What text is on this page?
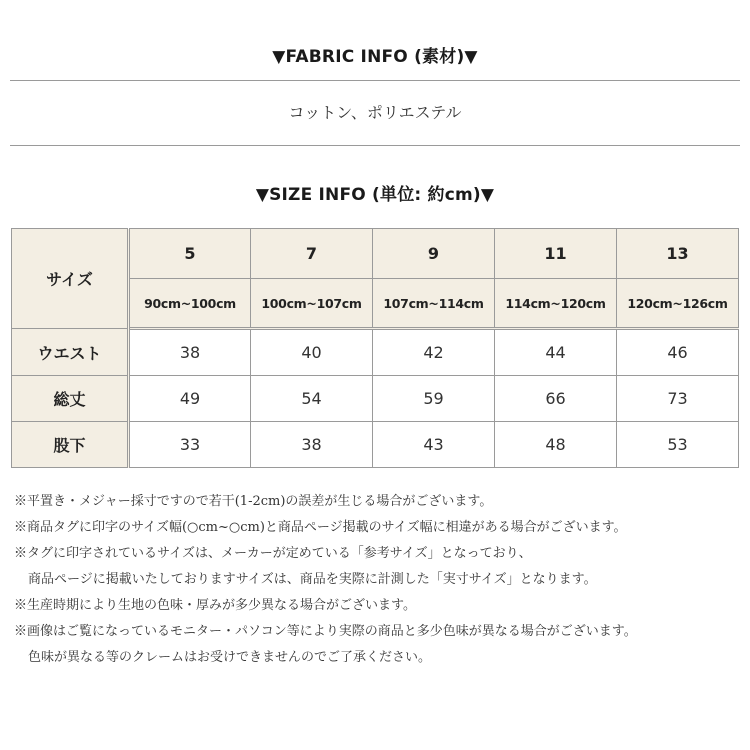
▼FABRIC INFO (素材)▼
コットン、ポリエステル
▼SIZE INFO (単位: 約cm)▼
サイズ	5	7	9	11	13
	90cm~100cm	100cm~107cm	107cm~114cm	114cm~120cm	120cm~126cm
ウエスト	38	40	42	44	46
総丈	49	54	59	66	73
股下	33	38	43	48	53
※平置き・メジャー採寸ですので若干(1-2cm)の誤差が生じる場合がございます。
※商品タグに印字のサイズ幅(○cm~○cm)と商品ページ掲載のサイズ幅に相違がある場合がございます。
※タグに印字されているサイズは、メーカーが定めている「参考サイズ」となっており、
商品ページに掲載いたしておりますサイズは、商品を実際に計測した「実寸サイズ」となります。
※生産時期により生地の色味・厚みが多少異なる場合がございます。
※画像はご覧になっているモニター・パソコン等により実際の商品と多少色味が異なる場合がございます。
色味が異なる等のクレームはお受けできませんのでご了承ください。
